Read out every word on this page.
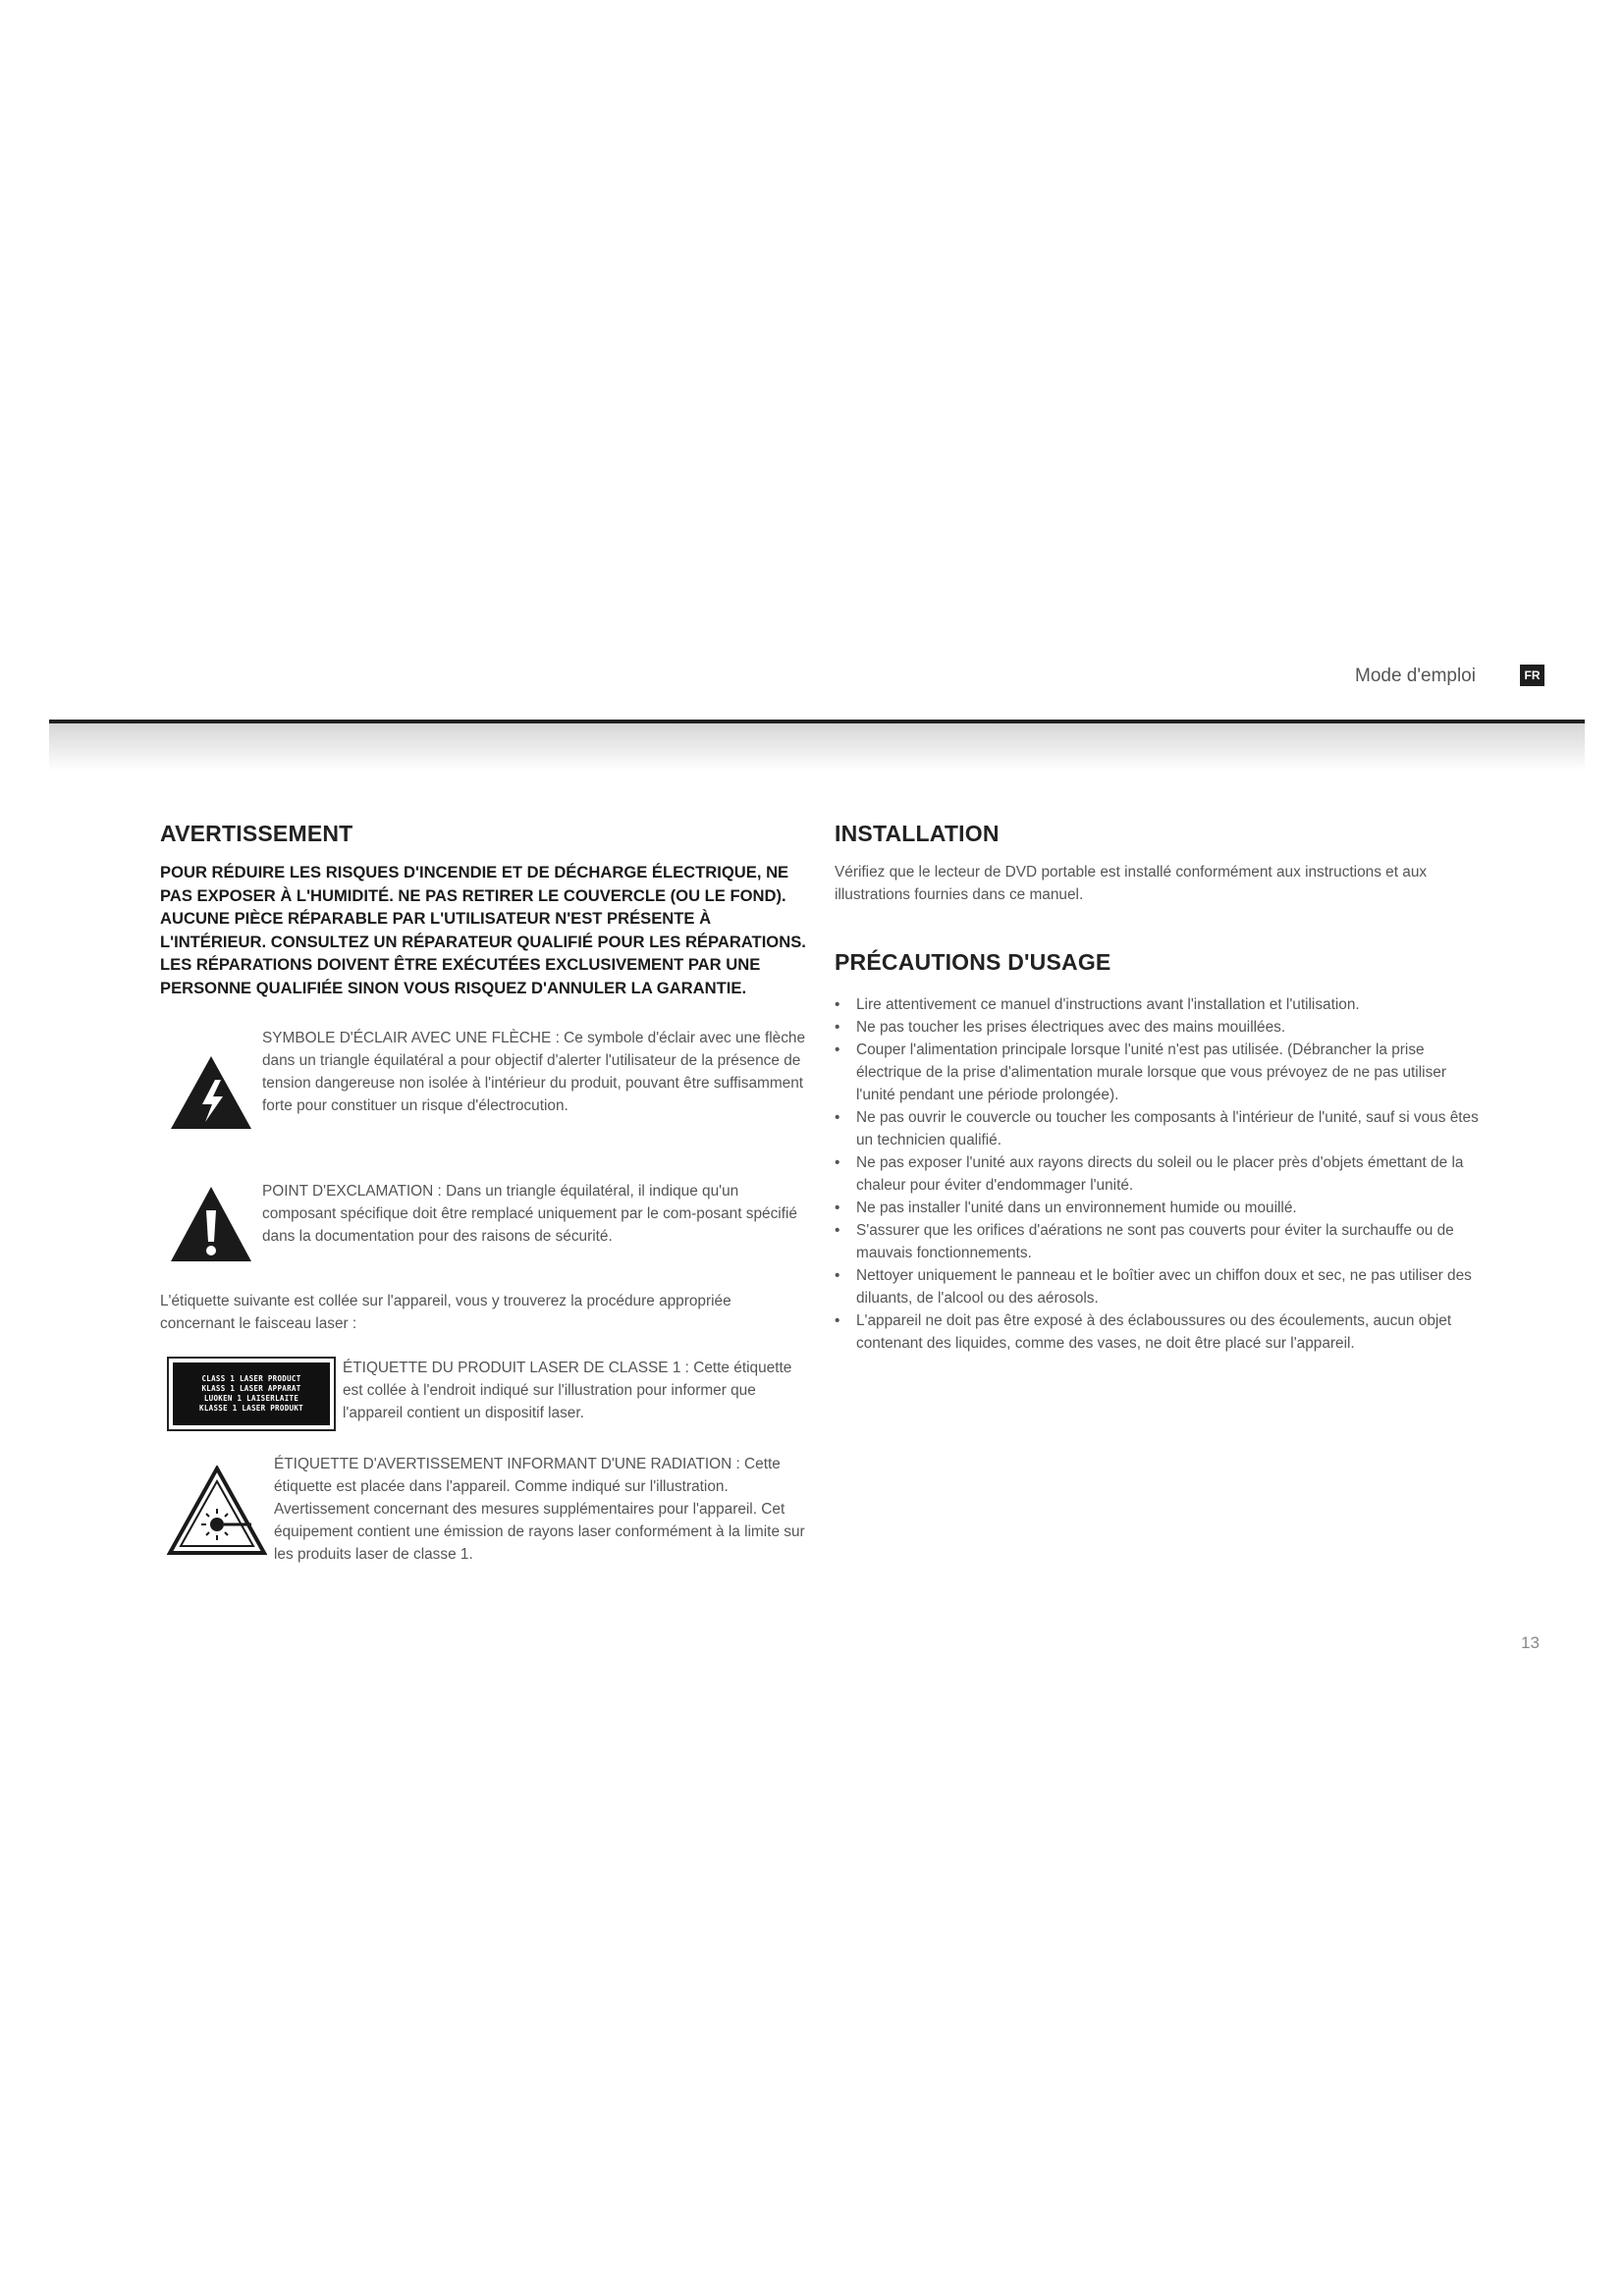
Mode d'emploi	FR
AVERTISSEMENT

POUR RÉDUIRE LES RISQUES D'INCENDIE ET DE DÉCHARGE ÉLECTRIQUE, NE PAS EXPOSER À L'HUMIDITÉ. NE PAS RETIRER LE COUVERCLE (OU LE FOND). AUCUNE PIÈCE RÉPARABLE PAR L'UTILISATEUR N'EST PRÉSENTE À L'INTÉRIEUR. CONSULTEZ UN RÉPARATEUR QUALIFIÉ POUR LES RÉPARATIONS. LES RÉPARATIONS DOIVENT ÊTRE EXÉCUTÉES EXCLUSIVEMENT PAR UNE PERSONNE QUALIFIÉE SINON VOUS RISQUEZ D'ANNULER LA GARANTIE.

SYMBOLE D'ÉCLAIR AVEC UNE FLÈCHE : Ce symbole d'éclair avec une flèche dans un triangle équilatéral a pour objectif d'alerter l'utilisateur de la présence de tension dangereuse non isolée à l'intérieur du produit, pouvant être suffisamment forte pour constituer un risque d'électrocution.
POINT D'EXCLAMATION : Dans un triangle équilatéral, il indique qu'un composant spécifique doit être remplacé uniquement par le com-posant spécifié dans la documentation pour des raisons de sécurité.

L'étiquette suivante est collée sur l'appareil, vous y trouverez la procédure appropriée concernant le faisceau laser :

CLASS 1 LASER PRODUCT
KLASS 1 LASER APPARAT
LUOKEN 1 LAISERLAITE
KLASSE 1 LASER PRODUKT
ÉTIQUETTE DU PRODUIT LASER DE CLASSE 1 : Cette étiquette est collée à l'endroit indiqué sur l'illustration pour informer que l'appareil contient un dispositif laser.
ÉTIQUETTE D'AVERTISSEMENT INFORMANT D'UNE RADIATION : Cette étiquette est placée dans l'appareil. Comme indiqué sur l'illustration. Avertissement concernant des mesures supplémentaires pour l'appareil. Cet équipement contient une émission de rayons laser conformément à la limite sur les produits laser de classe 1.
INSTALLATION

Vérifiez que le lecteur de DVD portable est installé conformément aux instructions et aux illustrations fournies dans ce manuel.

PRÉCAUTIONS D'USAGE
• Lire attentivement ce manuel d'instructions avant l'installation et l'utilisation.
• Ne pas toucher les prises électriques avec des mains mouillées.
• Couper l'alimentation principale lorsque l'unité n'est pas utilisée. (Débrancher la prise électrique de la prise d'alimentation murale lorsque que vous prévoyez de ne pas utiliser l'unité pendant une période prolongée).
• Ne pas ouvrir le couvercle ou toucher les composants à l'intérieur de l'unité, sauf si vous êtes un technicien qualifié.
• Ne pas exposer l'unité aux rayons directs du soleil ou le placer près d'objets émettant de la chaleur pour éviter d'endommager l'unité.
• Ne pas installer l'unité dans un environnement humide ou mouillé.
• S'assurer que les orifices d'aérations ne sont pas couverts pour éviter la surchauffe ou de mauvais fonctionnements.
• Nettoyer uniquement le panneau et le boîtier avec un chiffon doux et sec, ne pas utiliser des diluants, de l'alcool ou des aérosols.
• L'appareil ne doit pas être exposé à des éclaboussures ou des écoulements, aucun objet contenant des liquides, comme des vases, ne doit être placé sur l'appareil.
13
